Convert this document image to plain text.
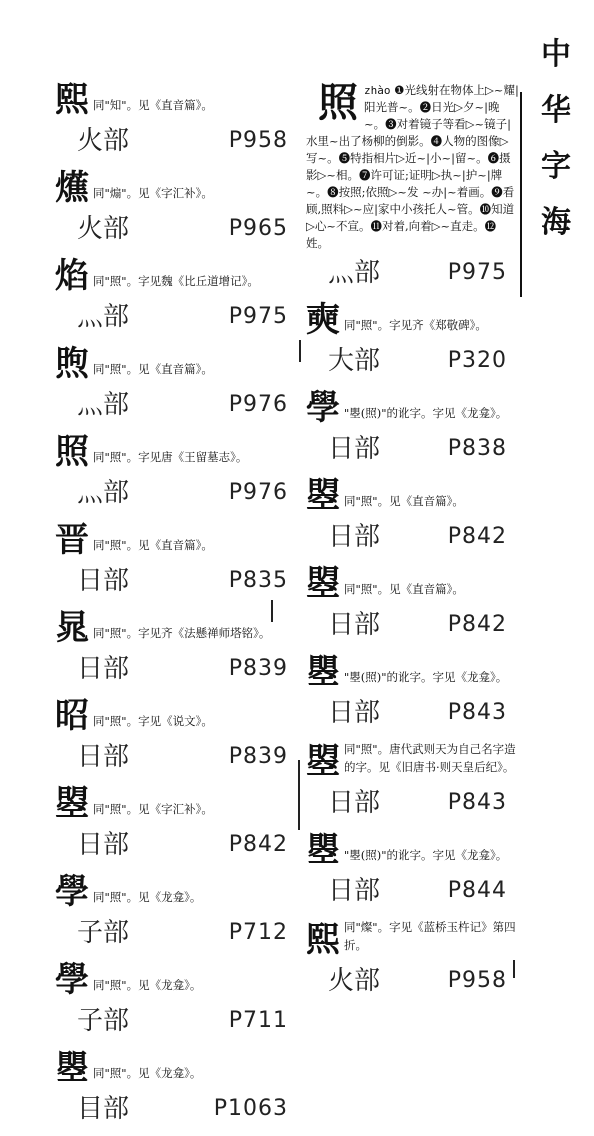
中
华
字
海
熙 同"知"。见《直音篇》。
火部	P958
爑 同"煽"。见《字汇补》。
火部	P965
焰 同"照"。字见魏《比丘道增记》。
灬部	P975
煦 同"照"。见《直音篇》。
灬部	P976
照 同"照"。字见唐《王留墓志》。
灬部	P976
晋 同"照"。见《直音篇》。
日部	P835
晁 同"照"。字见齐《法懸禅师塔铭》。
日部	P839
昭 同"照"。字见《说文》。
日部	P839
曌 同"照"。见《字汇补》。
日部	P842
學 同"照"。见《龙龛》。
子部	P712
學 同"照"。见《龙龛》。
子部	P711
瞾 同"照"。见《龙龛》。
目部	P1063
照 zhào ❶光线射在物体上▷~耀|阳光普~。❷日光▷夕~|晚~。❸对着镜子等看▷~镜子|水里~出了杨柳的倒影。❹人物的图像▷写~。❺特指相片▷近~|小~|留~。❻摄影▷~相。❼许可证;证明▷执~|护~|牌~。❽按照;依照▷~发 ~办|~着画。❾看顾,照料▷~应|家中小孩托人~管。❿知道▷心~不宣。⓫对着,向着▷~直走。⓬姓。
灬部	P975
奭 同"照"。字见齐《郑敬碑》。
大部	P320
學 "瞾(照)"的讹字。字见《龙龛》。
日部	P838
曌 同"照"。见《直音篇》。
日部	P842
曌 同"照"。见《直音篇》。
日部	P842
瞾 "瞾(照)"的讹字。字见《龙龛》。
日部	P843
曌 同"照"。唐代武则天为自己名字造的字。见《旧唐书·则天皇后纪》。
日部	P843
瞾 "瞾(照)"的讹字。字见《龙龛》。
日部	P844
熙 同"燦"。字见《蓝桥玉杵记》第四折。
火部	P958
